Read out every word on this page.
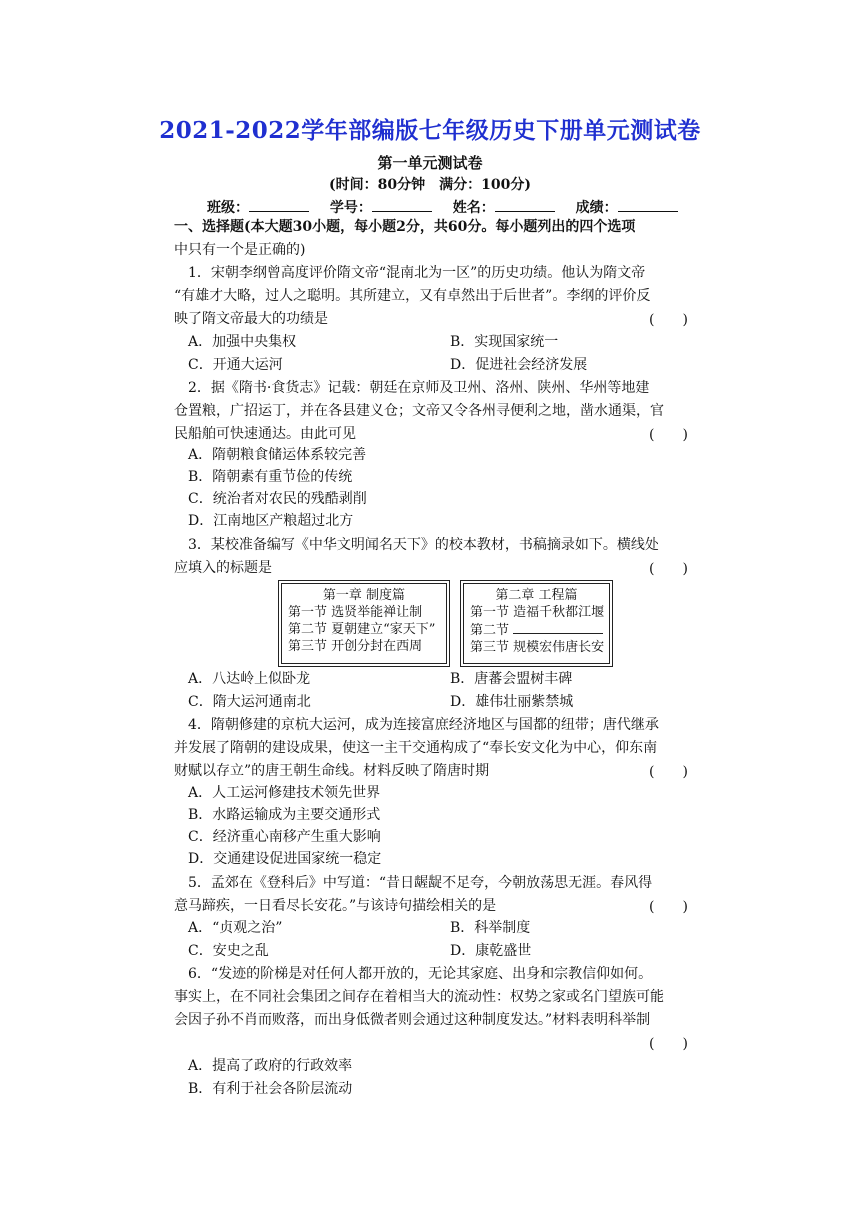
2021-2022学年部编版七年级历史下册单元测试卷
第一单元测试卷
(时间：80分钟　满分：100分)
班级：	学号：	姓名：	成绩：
一、选择题(本大题30小题，每小题2分，共60分。每小题列出的四个选项
中只有一个是正确的)
1．宋朝李纲曾高度评价隋文帝“混南北为一区”的历史功绩。他认为隋文帝
“有雄才大略，过人之聪明。其所建立，又有卓然出于后世者”。李纲的评价反
映了隋文帝最大的功绩是	(　　)
A．加强中央集权	B．实现国家统一
C．开通大运河	D．促进社会经济发展
2．据《隋书·食货志》记载：朝廷在京师及卫州、洛州、陕州、华州等地建
仓置粮，广招运丁，并在各县建义仓；文帝又令各州寻便利之地，凿水通渠，官
民船舶可快速通达。由此可见	(　　)
A．隋朝粮食储运体系较完善
B．隋朝素有重节俭的传统
C．统治者对农民的残酷剥削
D．江南地区产粮超过北方
3．某校准备编写《中华文明闻名天下》的校本教材，书稿摘录如下。横线处
应填入的标题是	(　　)
第一章 制度篇
第一节 选贤举能禅让制
第二节 夏朝建立“家天下”
第三节 开创分封在西周
第二章 工程篇
第一节 造福千秋都江堰
第二节
第三节 规模宏伟唐长安
A．八达岭上似卧龙	B．唐蕃会盟树丰碑
C．隋大运河通南北	D．雄伟壮丽紫禁城
4．隋朝修建的京杭大运河，成为连接富庶经济地区与国都的纽带；唐代继承
并发展了隋朝的建设成果，使这一主干交通构成了“奉长安文化为中心，仰东南
财赋以存立”的唐王朝生命线。材料反映了隋唐时期	(　　)
A．人工运河修建技术领先世界
B．水路运输成为主要交通形式
C．经济重心南移产生重大影响
D．交通建设促进国家统一稳定
5．孟郊在《登科后》中写道：“昔日龌龊不足夸，今朝放荡思无涯。春风得
意马蹄疾，一日看尽长安花。”与该诗句描绘相关的是	(　　)
A．“贞观之治”	B．科举制度
C．安史之乱	D．康乾盛世
6．“发迹的阶梯是对任何人都开放的，无论其家庭、出身和宗教信仰如何。
事实上，在不同社会集团之间存在着相当大的流动性：权势之家或名门望族可能
会因子孙不肖而败落，而出身低微者则会通过这种制度发达。”材料表明科举制
(　　)
A．提高了政府的行政效率
B．有利于社会各阶层流动
